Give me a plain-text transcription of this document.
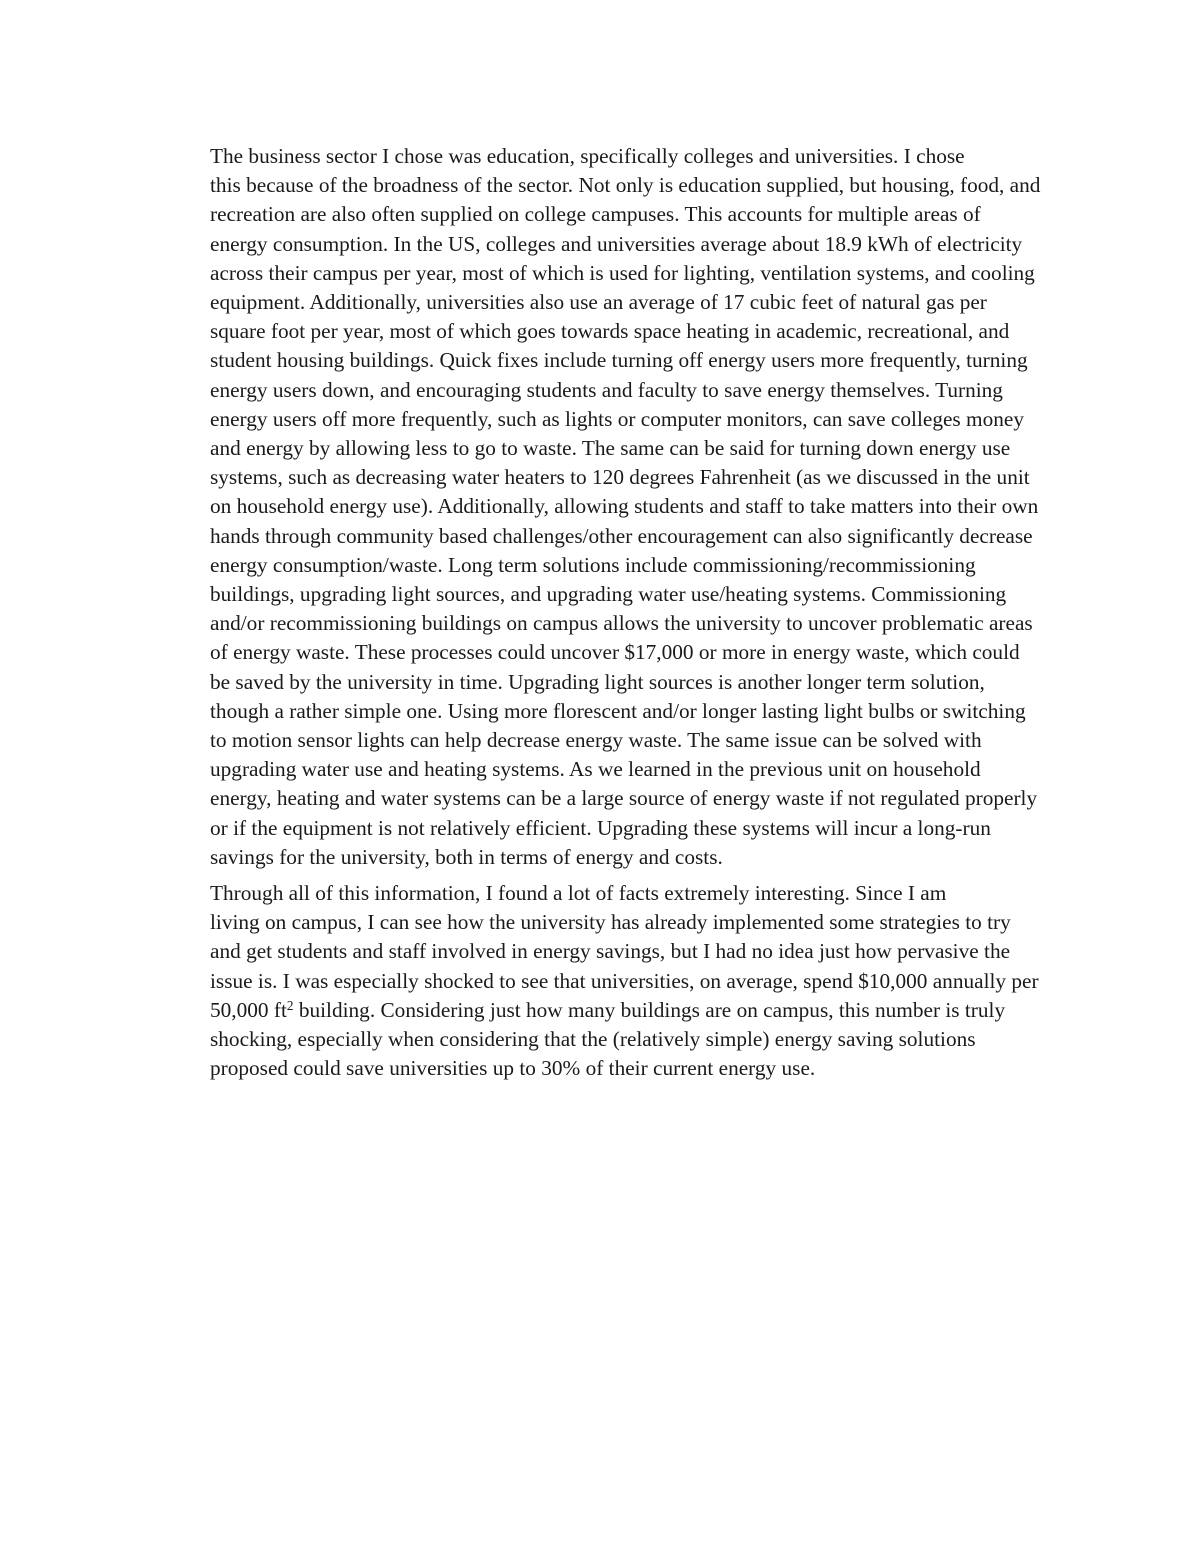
The business sector I chose was education, specifically colleges and universities. I chose
this because of the broadness of the sector. Not only is education supplied, but housing, food, and
recreation are also often supplied on college campuses. This accounts for multiple areas of
energy consumption. In the US, colleges and universities average about 18.9 kWh of electricity
across their campus per year, most of which is used for lighting, ventilation systems, and cooling
equipment. Additionally, universities also use an average of 17 cubic feet of natural gas per
square foot per year, most of which goes towards space heating in academic, recreational, and
student housing buildings. Quick fixes include turning off energy users more frequently, turning
energy users down, and encouraging students and faculty to save energy themselves. Turning
energy users off more frequently, such as lights or computer monitors, can save colleges money
and energy by allowing less to go to waste. The same can be said for turning down energy use
systems, such as decreasing water heaters to 120 degrees Fahrenheit (as we discussed in the unit
on household energy use). Additionally, allowing students and staff to take matters into their own
hands through community based challenges/other encouragement can also significantly decrease
energy consumption/waste. Long term solutions include commissioning/recommissioning
buildings, upgrading light sources, and upgrading water use/heating systems. Commissioning
and/or recommissioning buildings on campus allows the university to uncover problematic areas
of energy waste. These processes could uncover $17,000 or more in energy waste, which could
be saved by the university in time. Upgrading light sources is another longer term solution,
though a rather simple one. Using more florescent and/or longer lasting light bulbs or switching
to motion sensor lights can help decrease energy waste. The same issue can be solved with
upgrading water use and heating systems. As we learned in the previous unit on household
energy, heating and water systems can be a large source of energy waste if not regulated properly
or if the equipment is not relatively efficient. Upgrading these systems will incur a long-run
savings for the university, both in terms of energy and costs.

Through all of this information, I found a lot of facts extremely interesting. Since I am
living on campus, I can see how the university has already implemented some strategies to try
and get students and staff involved in energy savings, but I had no idea just how pervasive the
issue is. I was especially shocked to see that universities, on average, spend $10,000 annually per
50,000 $ft^2$ building. Considering just how many buildings are on campus, this number is truly
shocking, especially when considering that the (relatively simple) energy saving solutions
proposed could save universities up to 30% of their current energy use.
